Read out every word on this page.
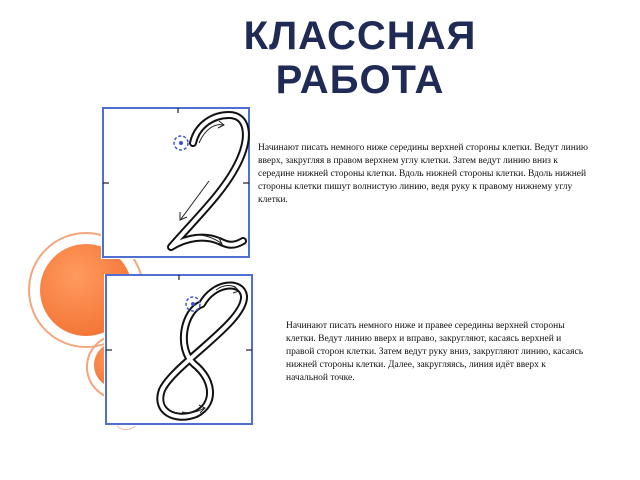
КЛАССНАЯ
РАБОТА
Начинают писать немного ниже середины верхней стороны клетки. Ведут линию вверх, закругляя в правом верхнем углу клетки. Затем ведут линию вниз к середине нижней стороны клетки. Вдоль нижней стороны клетки. Вдоль нижней стороны клетки пишут волнистую линию, ведя руку к правому нижнему углу клетки.
Начинают писать немного ниже и правее середины верхней стороны клетки. Ведут линию вверх и вправо, закругляют, касаясь верхней и правой сторон клетки. Затем ведут руку вниз, закругляют линию, касаясь нижней стороны клетки. Далее, закругляясь, линия идёт вверх к начальной точке.
